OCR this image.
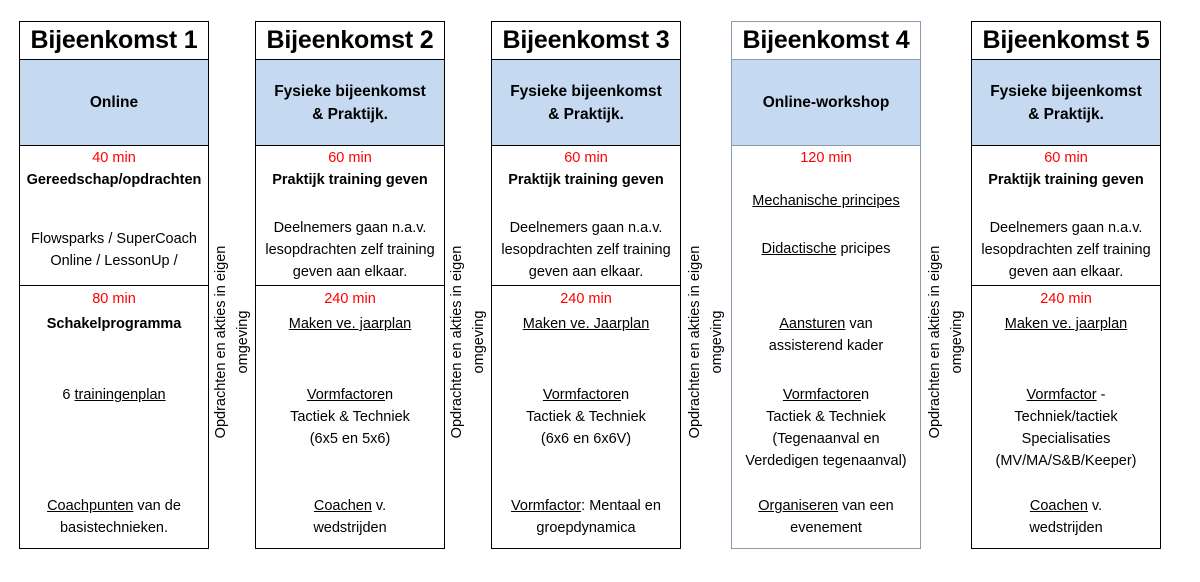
Bijeenkomst 1
Online
40 min
Gereedschap/opdrachten
Flowsparks / SuperCoach
Online / LessonUp /
80 min
Schakelprogramma
6 trainingenplan
Coachpunten van de
basistechnieken.
Bijeenkomst 2
Fysieke bijeenkomst
& Praktijk.
60 min
Praktijk training geven
Deelnemers gaan n.a.v.
lesopdrachten zelf training
geven aan elkaar.
240 min
Maken ve. jaarplan
Vormfactoren
Tactiek & Techniek
(6x5 en 5x6)
Coachen v.
wedstrijden
Bijeenkomst 3
Fysieke bijeenkomst
& Praktijk.
60 min
Praktijk training geven
Deelnemers gaan n.a.v.
lesopdrachten zelf training
geven aan elkaar.
240 min
Maken ve. Jaarplan
Vormfactoren
Tactiek & Techniek
(6x6 en 6x6V)
Vormfactor: Mentaal en
groepdynamica
Bijeenkomst 4
Online-workshop
120 min
Mechanische principes
Didactische pricipes
Aansturen van
assisterend kader
Vormfactoren
Tactiek & Techniek
(Tegenaanval en
Verdedigen tegenaanval)
Organiseren van een
evenement
Bijeenkomst 5
Fysieke bijeenkomst
& Praktijk.
60 min
Praktijk training geven
Deelnemers gaan n.a.v.
lesopdrachten zelf training
geven aan elkaar.
240 min
Maken ve. jaarplan
Vormfactor -
Techniek/tactiek
Specialisaties
(MV/MA/S&B/Keeper)
Coachen v.
wedstrijden
Opdrachten en akties in eigen omgeving	Opdrachten en akties in eigen omgeving	Opdrachten en akties in eigen omgeving	Opdrachten en akties in eigen omgeving
